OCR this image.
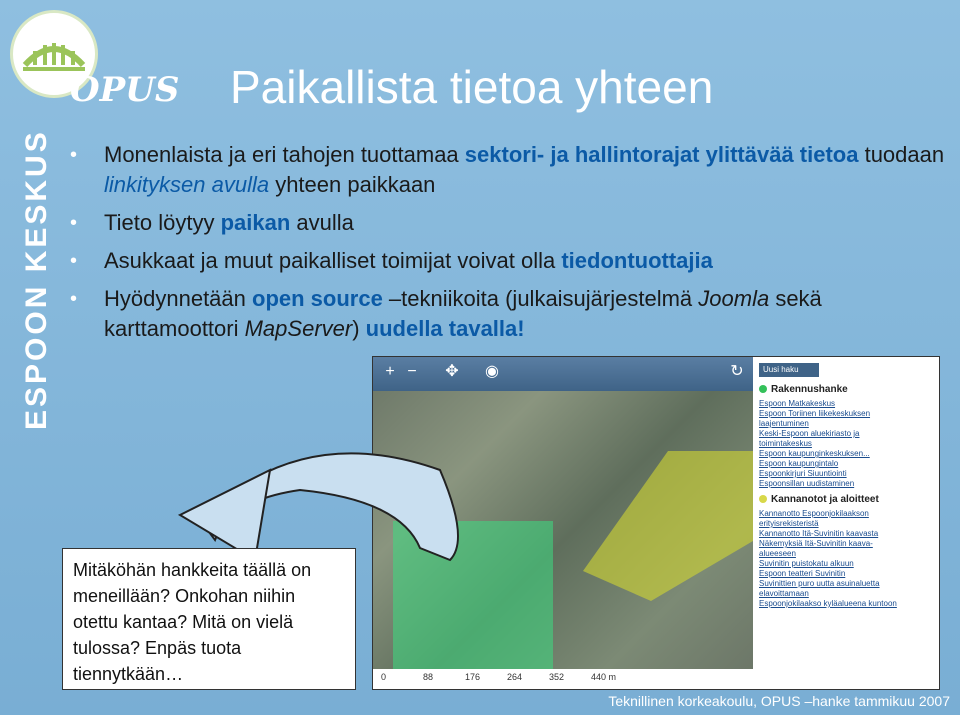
OPUS
ESPOON KESKUS
Paikallista tietoa yhteen
• Monenlaista ja eri tahojen tuottamaa sektori- ja hallintorajat ylittävää tietoa tuodaan linkityksen avulla yhteen paikkaan
• Tieto löytyy paikan avulla
• Asukkaat ja muut paikalliset toimijat voivat olla tiedontuottajia
• Hyödynnetään open source –tekniikoita (julkaisujärjestelmä Joomla sekä karttamoottori MapServer) uudella tavalla!
+ − ✥ ◉	↻
0	88	176	264	352	440 m
Uusi haku
Rakennushanke
Espoon Matkakeskus
Espoon Toriinen liikekeskuksen
laajentuminen
Keski-Espoon aluekiriasto ja
toimintakeskus
Espoon kaupunginkeskuksen...
Espoon kaupungintalo
Espoonkirjuri Siuuntiointi
Espoonsillan uudistaminen
Kannanotot ja aloitteet
Kannanotto Espoonjokilaakson
erityisrekisteristä
Kannanotto Itä-Suvinitin kaavasta
Näkemyksiä Itä-Suvinitin kaava-
alueeseen
Suvinitin puistokatu alkuun
Espoon teatteri Suvinitin
Suvinittien puro uutta asuinaluetta
elavoittamaan
Espoonjokilaakso kyläalueena kuntoon
Mitäköhän hankkeita täällä on meneillään? Onkohan niihin otettu kantaa? Mitä on vielä tulossa? Enpäs tuota tiennytkään…
Teknillinen korkeakoulu, OPUS –hanke tammikuu 2007
